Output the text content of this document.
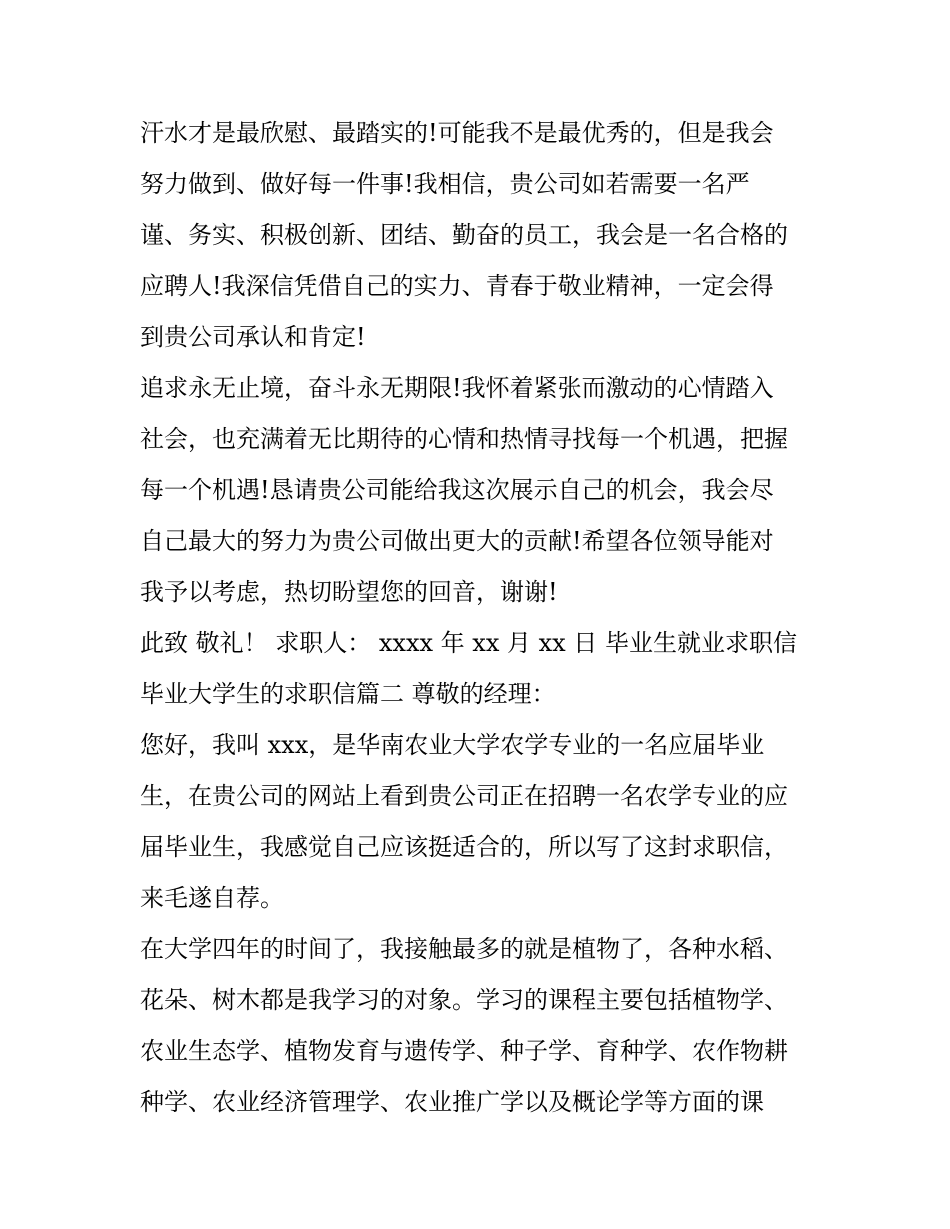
汗水才是最欣慰、最踏实的!可能我不是最优秀的，但是我会
努力做到、做好每一件事!我相信，贵公司如若需要一名严
谨、务实、积极创新、团结、勤奋的员工，我会是一名合格的
应聘人!我深信凭借自己的实力、青春于敬业精神，一定会得
到贵公司承认和肯定!
追求永无止境，奋斗永无期限!我怀着紧张而激动的心情踏入
社会，也充满着无比期待的心情和热情寻找每一个机遇，把握
每一个机遇!恳请贵公司能给我这次展示自己的机会，我会尽
自己最大的努力为贵公司做出更大的贡献!希望各位领导能对
我予以考虑，热切盼望您的回音，谢谢!
此致 敬礼！ 求职人： xxxx 年 xx 月 xx 日 毕业生就业求职信
毕业大学生的求职信篇二 尊敬的经理：
您好，我叫 xxx，是华南农业大学农学专业的一名应届毕业
生，在贵公司的网站上看到贵公司正在招聘一名农学专业的应
届毕业生，我感觉自己应该挺适合的，所以写了这封求职信，
来毛遂自荐。
在大学四年的时间了，我接触最多的就是植物了，各种水稻、
花朵、树木都是我学习的对象。学习的课程主要包括植物学、
农业生态学、植物发育与遗传学、种子学、育种学、农作物耕
种学、农业经济管理学、农业推广学以及概论学等方面的课
